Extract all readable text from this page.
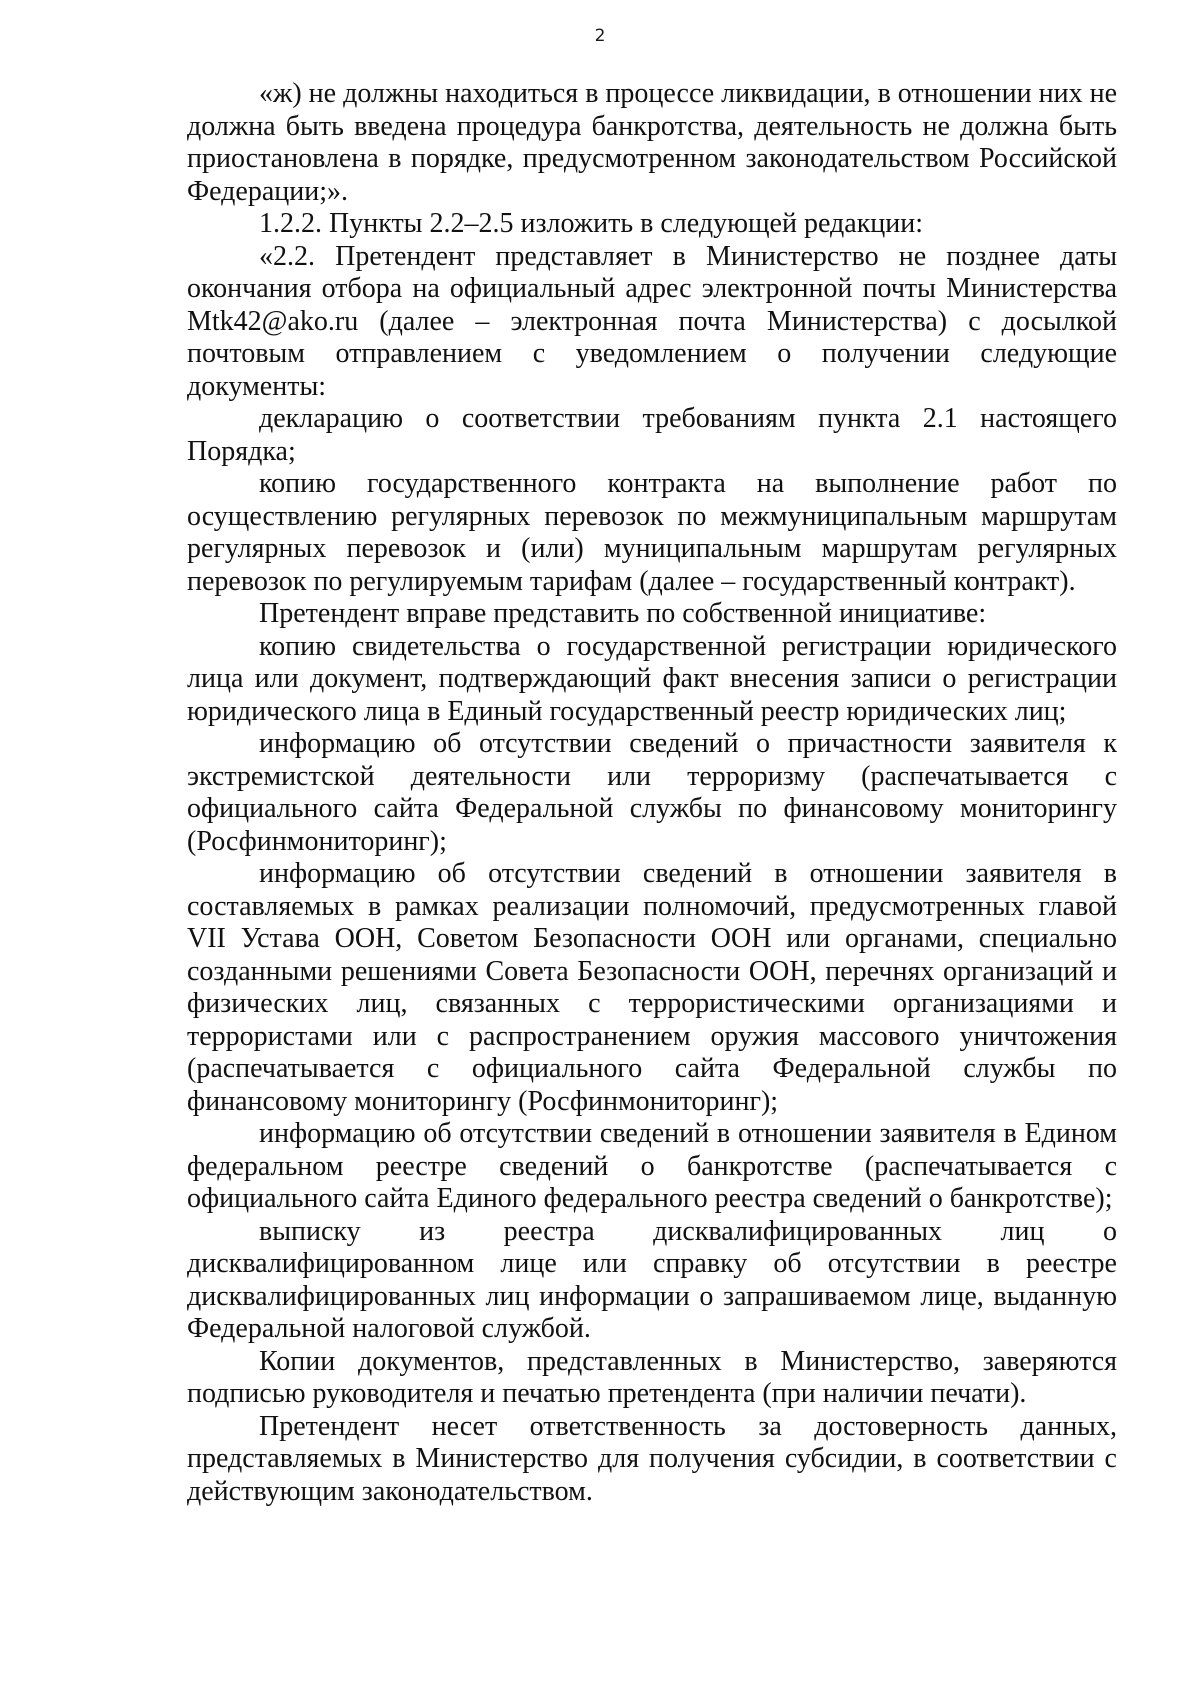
2

«ж) не должны находиться в процессе ликвидации, в отношении них не должна быть введена процедура банкротства, деятельность не должна быть приостановлена в порядке, предусмотренном законодательством Российской Федерации;».

1.2.2. Пункты 2.2–2.5 изложить в следующей редакции:

«2.2. Претендент представляет в Министерство не позднее даты окончания отбора на официальный адрес электронной почты Министерства Mtk42@ako.ru (далее – электронная почта Министерства) с досылкой почтовым отправлением с уведомлением о получении следующие документы:

декларацию о соответствии требованиям пункта 2.1 настоящего Порядка;

копию государственного контракта на выполнение работ по осуществлению регулярных перевозок по межмуниципальным маршрутам регулярных перевозок и (или) муниципальным маршрутам регулярных перевозок по регулируемым тарифам (далее – государственный контракт).

Претендент вправе представить по собственной инициативе:

копию свидетельства о государственной регистрации юридического лица или документ, подтверждающий факт внесения записи о регистрации юридического лица в Единый государственный реестр юридических лиц;

информацию об отсутствии сведений о причастности заявителя к экстремистской деятельности или терроризму (распечатывается с официального сайта Федеральной службы по финансовому мониторингу (Росфинмониторинг);

информацию об отсутствии сведений в отношении заявителя в составляемых в рамках реализации полномочий, предусмотренных главой VII Устава ООН, Советом Безопасности ООН или органами, специально созданными решениями Совета Безопасности ООН, перечнях организаций и физических лиц, связанных с террористическими организациями и террористами или с распространением оружия массового уничтожения (распечатывается с официального сайта Федеральной службы по финансовому мониторингу (Росфинмониторинг);

информацию об отсутствии сведений в отношении заявителя в Едином федеральном реестре сведений о банкротстве (распечатывается с официального сайта Единого федерального реестра сведений о банкротстве);

выписку из реестра дисквалифицированных лиц о дисквалифицированном лице или справку об отсутствии в реестре дисквалифицированных лиц информации о запрашиваемом лице, выданную Федеральной налоговой службой.

Копии документов, представленных в Министерство, заверяются подписью руководителя и печатью претендента (при наличии печати).

Претендент несет ответственность за достоверность данных, представляемых в Министерство для получения субсидии, в соответствии с действующим законодательством.
